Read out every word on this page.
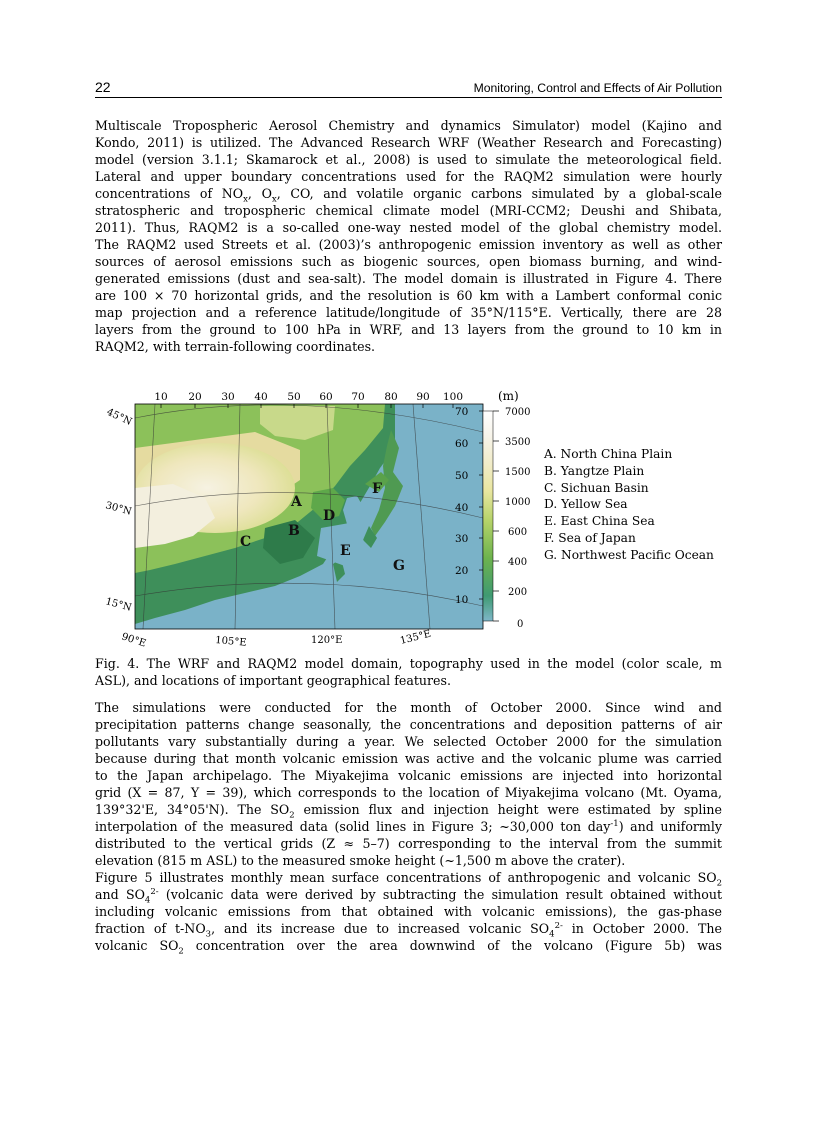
22	Monitoring, Control and Effects of Air Pollution
Multiscale Tropospheric Aerosol Chemistry and dynamics Simulator) model (Kajino and
Kondo, 2011) is utilized. The Advanced Research WRF (Weather Research and Forecasting)
model (version 3.1.1; Skamarock et al., 2008) is used to simulate the meteorological field.
Lateral and upper boundary concentrations used for the RAQM2 simulation were hourly
concentrations of $NO_x$, $O_x$, CO, and volatile organic carbons simulated by a global-scale
stratospheric and tropospheric chemical climate model (MRI-CCM2; Deushi and Shibata,
2011). Thus, RAQM2 is a so-called one-way nested model of the global chemistry model.
The RAQM2 used Streets et al. (2003)’s anthropogenic emission inventory as well as other
sources of aerosol emissions such as biogenic sources, open biomass burning, and wind-
generated emissions (dust and sea-salt). The model domain is illustrated in Figure 4. There
are 100 × 70 horizontal grids, and the resolution is 60 km with a Lambert conformal conic
map projection and a reference latitude/longitude of 35°N/115°E. Vertically, there are 28
layers from the ground to 100 hPa in WRF, and 13 layers from the ground to 10 km in
RAQM2, with terrain-following coordinates.
10 20 30 40 50 60 70 80 90 100
70
60
50
40
30
20
10
45°N
30°N
15°N
90°E	105°E	120°E	135°E
A
B
C
D
E
F
G
(m)
7000
3500
1500
1000
600
400
200
0
A. North China Plain
B. Yangtze Plain
C. Sichuan Basin
D. Yellow Sea
E. East China Sea
F. Sea of Japan
G. Northwest Pacific Ocean
Fig. 4. The WRF and RAQM2 model domain, topography used in the model (color scale, m
ASL), and locations of important geographical features.
The simulations were conducted for the month of October 2000. Since wind and
precipitation patterns change seasonally, the concentrations and deposition patterns of air
pollutants vary substantially during a year. We selected October 2000 for the simulation
because during that month volcanic emission was active and the volcanic plume was carried
to the Japan archipelago. The Miyakejima volcanic emissions are injected into horizontal
grid (X = 87, Y = 39), which corresponds to the location of Miyakejima volcano (Mt. Oyama,
139°32'E, 34°05'N). The $SO_2$ emission flux and injection height were estimated by spline
interpolation of the measured data (solid lines in Figure 3; ~30,000 ton day$^{-1}$) and uniformly
distributed to the vertical grids (Z ≈ 5–7) corresponding to the interval from the summit
elevation (815 m ASL) to the measured smoke height (~1,500 m above the crater).
Figure 5 illustrates monthly mean surface concentrations of anthropogenic and volcanic $SO_2$
and $SO_4^{2-}$ (volcanic data were derived by subtracting the simulation result obtained without
including volcanic emissions from that obtained with volcanic emissions), the gas-phase
fraction of $t-NO_3$, and its increase due to increased volcanic $SO_4^{2-}$ in October 2000. The
volcanic $SO_2$ concentration over the area downwind of the volcano (Figure 5b) was
